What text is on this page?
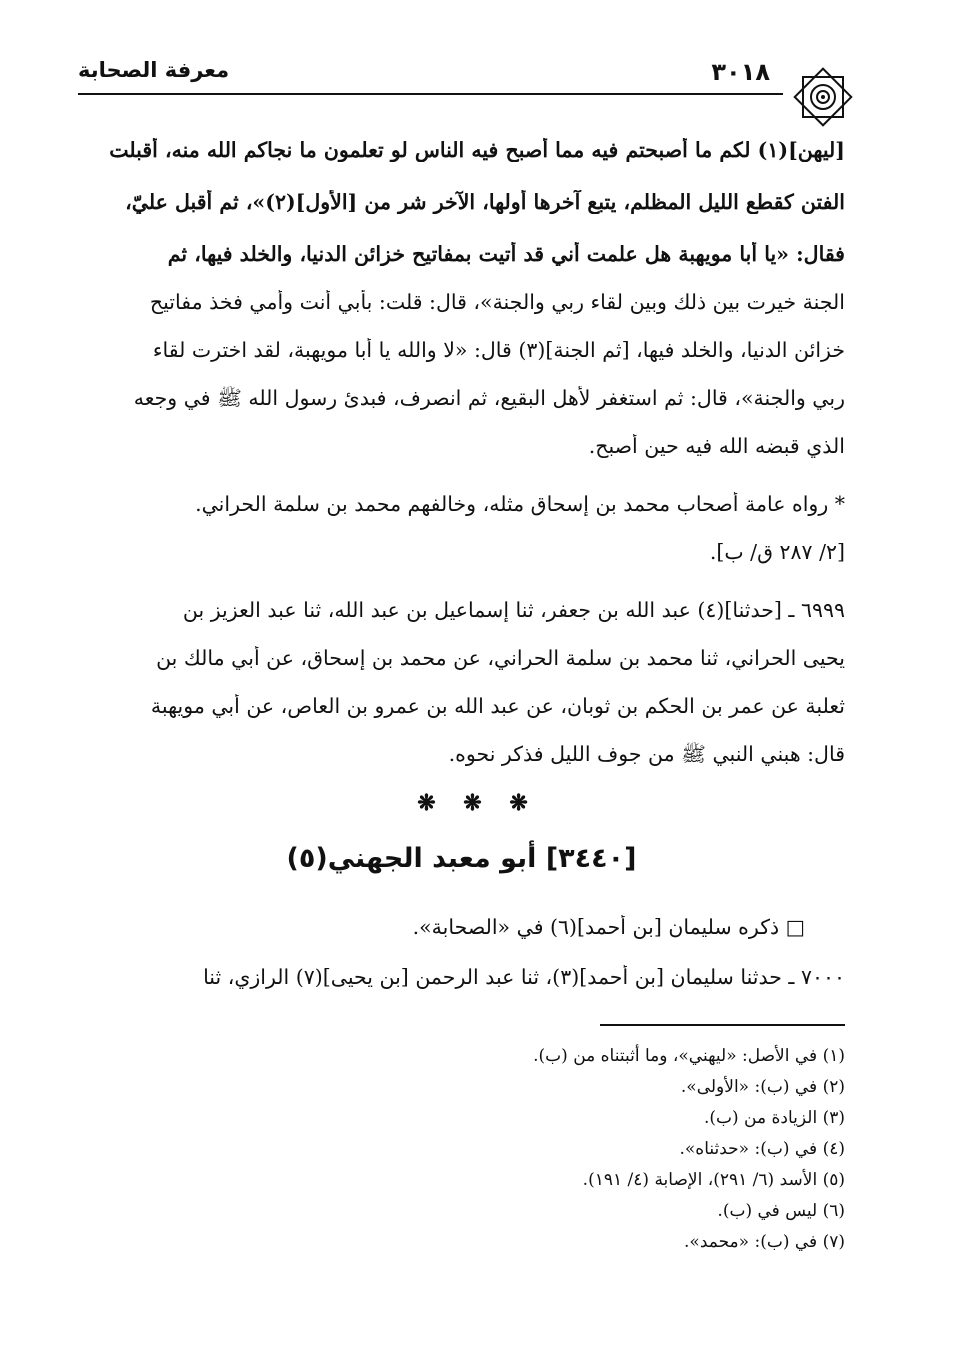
معرفة الصحابة	٣٠١٨
[ليهن](١) لكم ما أصبحتم فيه مما أصبح فيه الناس لو تعلمون ما نجاكم الله منه، أقبلت
الفتن كقطع الليل المظلم، يتبع آخرها أولها، الآخر شر من [الأول](٢)»، ثم أقبل عليّ،
فقال: «يا أبا مويهبة هل علمت أني قد أُتيت بمفاتيح خزائن الدنيا، والخلد فيها، ثم
الجنة خيرت بين ذلك وبين لقاء ربي والجنة»، قال: قلت: بأبي أنت وأمي فخذ مفاتيح
خزائن الدنيا، والخلد فيها، [ثم الجنة](٣) قال: «لا والله يا أبا مويهبة، لقد اخترت لقاء
ربي والجنة»، قال: ثم استغفر لأهل البقيع، ثم انصرف، فبدئ رسول الله ﷺ في وجعه
الذي قبضه الله فيه حين أصبح.
* رواه عامة أصحاب محمد بن إسحاق مثله، وخالفهم محمد بن سلمة الحراني.
[٢/ ٢٨٧ ق/ ب].
٦٩٩٩ ـ [حدثنا](٤) عبد الله بن جعفر، ثنا إسماعيل بن عبد الله، ثنا عبد العزيز بن
يحيى الحراني، ثنا محمد بن سلمة الحراني، عن محمد بن إسحاق، عن أبي مالك بن
ثعلبة عن عمر بن الحكم بن ثوبان، عن عبد الله بن عمرو بن العاص، عن أبي مويهبة
قال: هبني النبي ﷺ من جوف الليل فذكر نحوه.
❋ ❋ ❋
[٣٤٤٠] أبو معبد الجهني(٥)
□ ذكره سليمان [بن أحمد](٦) في «الصحابة».
٧٠٠٠ ـ حدثنا سليمان [بن أحمد](٣)، ثنا عبد الرحمن [بن يحيى](٧) الرازي، ثنا
(١) في الأصل: «ليهني»، وما أثبتناه من (ب).
(٢) في (ب): «الأولى».
(٣) الزيادة من (ب).
(٤) في (ب): «حدثناه».
(٥) الأسد (٦/ ٢٩١)، الإصابة (٤/ ١٩١).
(٦) ليس في (ب).
(٧) في (ب): «محمد».
